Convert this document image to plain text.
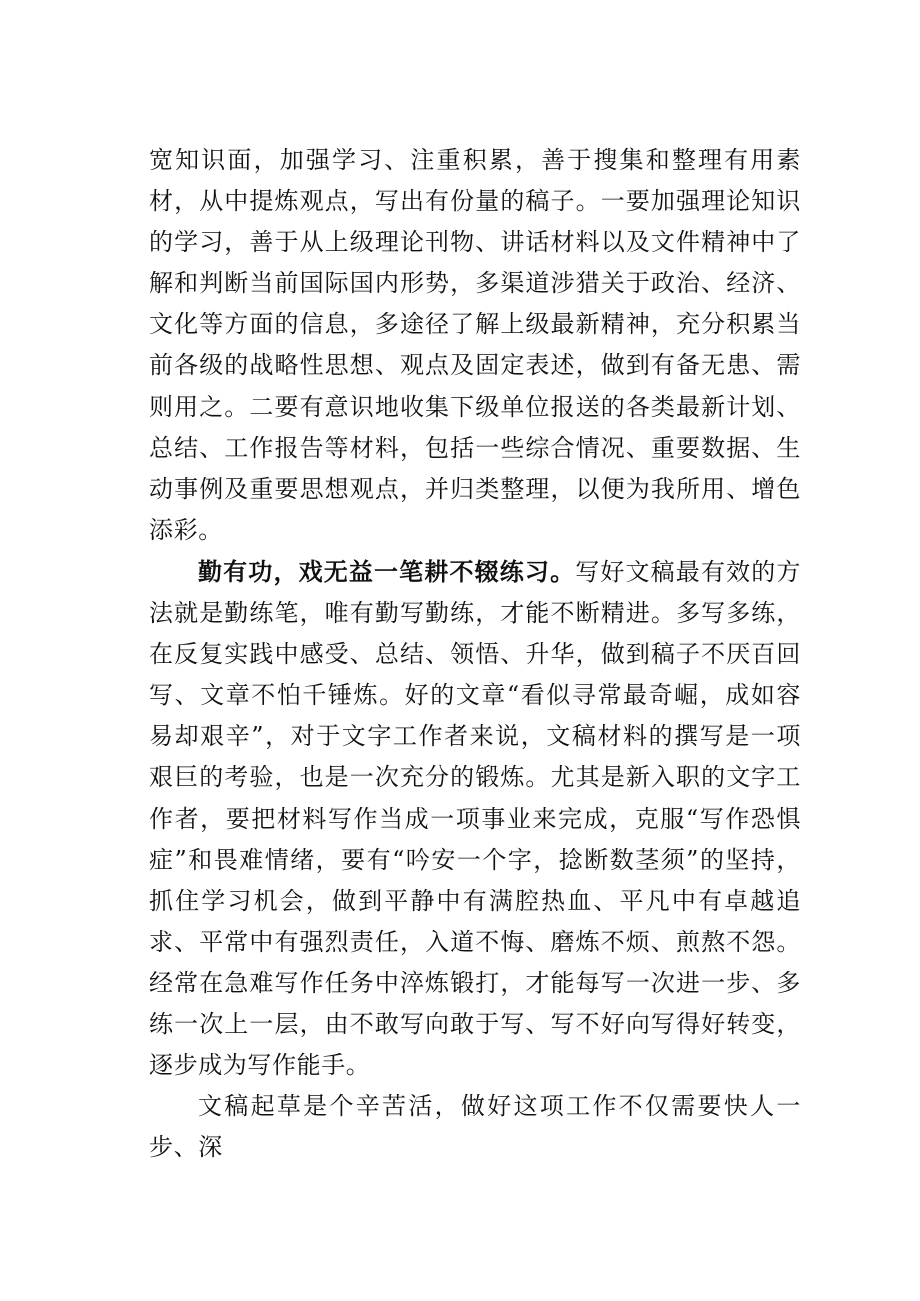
宽知识面，加强学习、注重积累，善于搜集和整理有用素材，从中提炼观点，写出有份量的稿子。一要加强理论知识的学习，善于从上级理论刊物、讲话材料以及文件精神中了解和判断当前国际国内形势，多渠道涉猎关于政治、经济、文化等方面的信息，多途径了解上级最新精神，充分积累当前各级的战略性思想、观点及固定表述，做到有备无患、需则用之。二要有意识地收集下级单位报送的各类最新计划、总结、工作报告等材料，包括一些综合情况、重要数据、生动事例及重要思想观点，并归类整理，以便为我所用、增色添彩。

勤有功，戏无益一笔耕不辍练习。写好文稿最有效的方法就是勤练笔，唯有勤写勤练，才能不断精进。多写多练，在反复实践中感受、总结、领悟、升华，做到稿子不厌百回写、文章不怕千锤炼。好的文章“看似寻常最奇崛，成如容易却艰辛”，对于文字工作者来说，文稿材料的撰写是一项艰巨的考验，也是一次充分的锻炼。尤其是新入职的文字工作者，要把材料写作当成一项事业来完成，克服“写作恐惧症”和畏难情绪，要有“吟安一个字，捻断数茎须”的坚持，抓住学习机会，做到平静中有满腔热血、平凡中有卓越追求、平常中有强烈责任，入道不悔、磨炼不烦、煎熬不怨。经常在急难写作任务中淬炼锻打，才能每写一次进一步、多练一次上一层，由不敢写向敢于写、写不好向写得好转变，逐步成为写作能手。

文稿起草是个辛苦活，做好这项工作不仅需要快人一步、深
